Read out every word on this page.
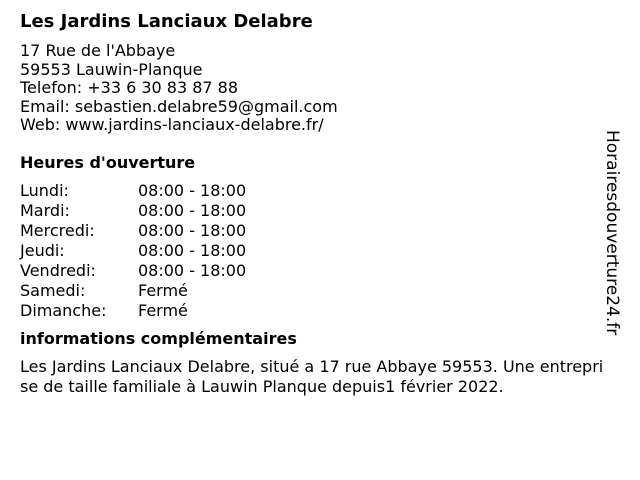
Les Jardins Lanciaux Delabre
17 Rue de l'Abbaye
59553 Lauwin-Planque
Telefon: +33 6 30 83 87 88
Email: sebastien.delabre59@gmail.com
Web: www.jardins-lanciaux-delabre.fr/
Heures d'ouverture
Lundi:	08:00 - 18:00
Mardi:	08:00 - 18:00
Mercredi:	08:00 - 18:00
Jeudi:	08:00 - 18:00
Vendredi:	08:00 - 18:00
Samedi:	Fermé
Dimanche:	Fermé
informations complémentaires
Les Jardins Lanciaux Delabre, situé a 17 rue Abbaye 59553. Une entreprise de taille familiale à Lauwin Planque depuis1 février 2022.
Horairesdouverture24.fr
